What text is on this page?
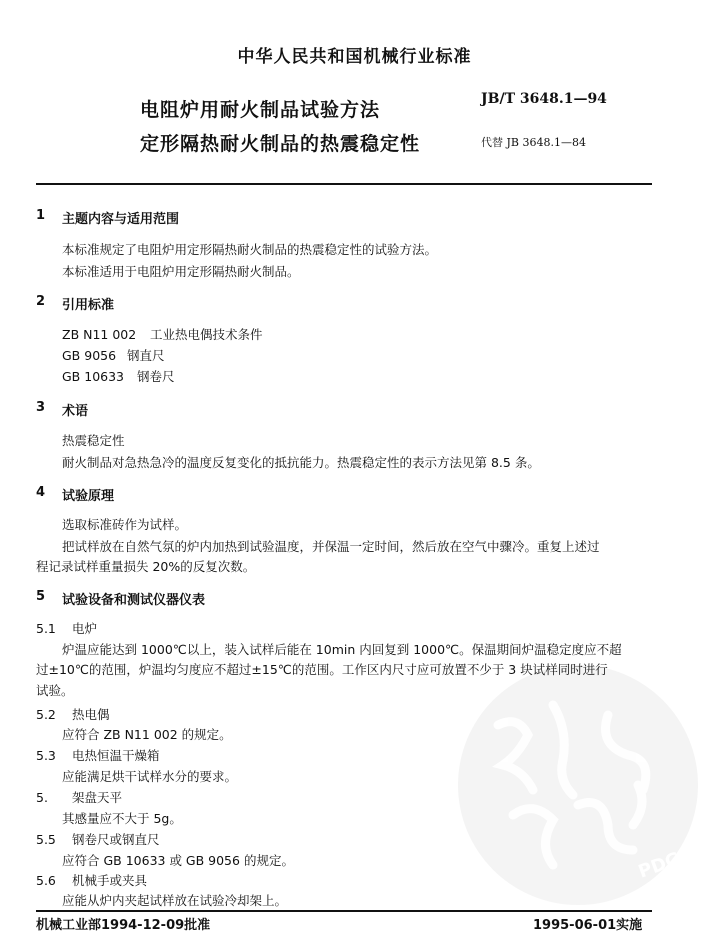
中华人民共和国机械行业标准
电阻炉用耐火制品试验方法
定形隔热耐火制品的热震稳定性
JB/T 3648.1—94
代替 JB 3648.1—84
PDG
1 主题内容与适用范围
本标准规定了电阻炉用定形隔热耐火制品的热震稳定性的试验方法。
本标准适用于电阻炉用定形隔热耐火制品。
2 引用标准
ZB N11 002 工业热电偶技术条件
GB 9056 钢直尺
GB 10633 钢卷尺
3 术语
热震稳定性
耐火制品对急热急冷的温度反复变化的抵抗能力。热震稳定性的表示方法见第 8.5 条。
4 试验原理
选取标准砖作为试样。
把试样放在自然气氛的炉内加热到试验温度，并保温一定时间，然后放在空气中骤冷。重复上述过
程记录试样重量损失 20%的反复次数。
5 试验设备和测试仪器仪表
5.1 电炉
炉温应能达到 1000℃以上，装入试样后能在 10min 内回复到 1000℃。保温期间炉温稳定度应不超
过±10℃的范围，炉温均匀度应不超过±15℃的范围。工作区内尺寸应可放置不少于 3 块试样同时进行
试验。
5.2 热电偶
应符合 ZB N11 002 的规定。
5.3 电热恒温干燥箱
应能满足烘干试样水分的要求。
5. 架盘天平
其感量应不大于 5g。
5.5 钢卷尺或钢直尺
应符合 GB 10633 或 GB 9056 的规定。
5.6 机械手或夹具
应能从炉内夹起试样放在试验冷却架上。
机械工业部1994-12-09批准	1995-06-01实施
